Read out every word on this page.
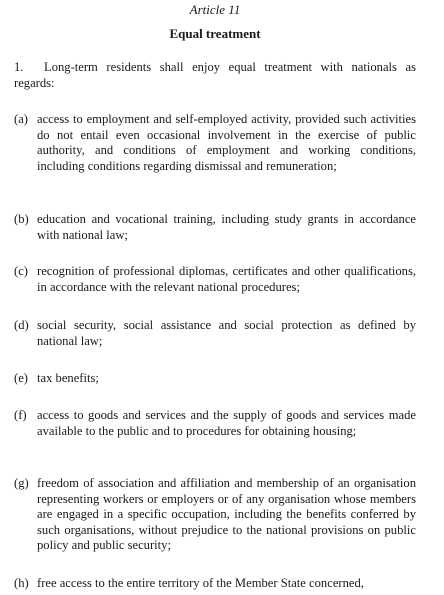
Article 11
Equal treatment
1. Long-term residents shall enjoy equal treatment with nationals as regards:
(a) access to employment and self-employed activity, provided such activities do not entail even occasional involvement in the exercise of public authority, and conditions of employment and working conditions, including conditions regarding dismissal and remuneration;
(b) education and vocational training, including study grants in accordance with national law;
(c) recognition of professional diplomas, certificates and other qualifications, in accordance with the relevant national procedures;
(d) social security, social assistance and social protection as defined by national law;
(e) tax benefits;
(f) access to goods and services and the supply of goods and services made available to the public and to procedures for obtaining housing;
(g) freedom of association and affiliation and membership of an organisation representing workers or employers or of any organisation whose members are engaged in a specific occupation, including the benefits conferred by such organisations, without prejudice to the national provisions on public policy and public security;
(h) free access to the entire territory of the Member State concerned,
